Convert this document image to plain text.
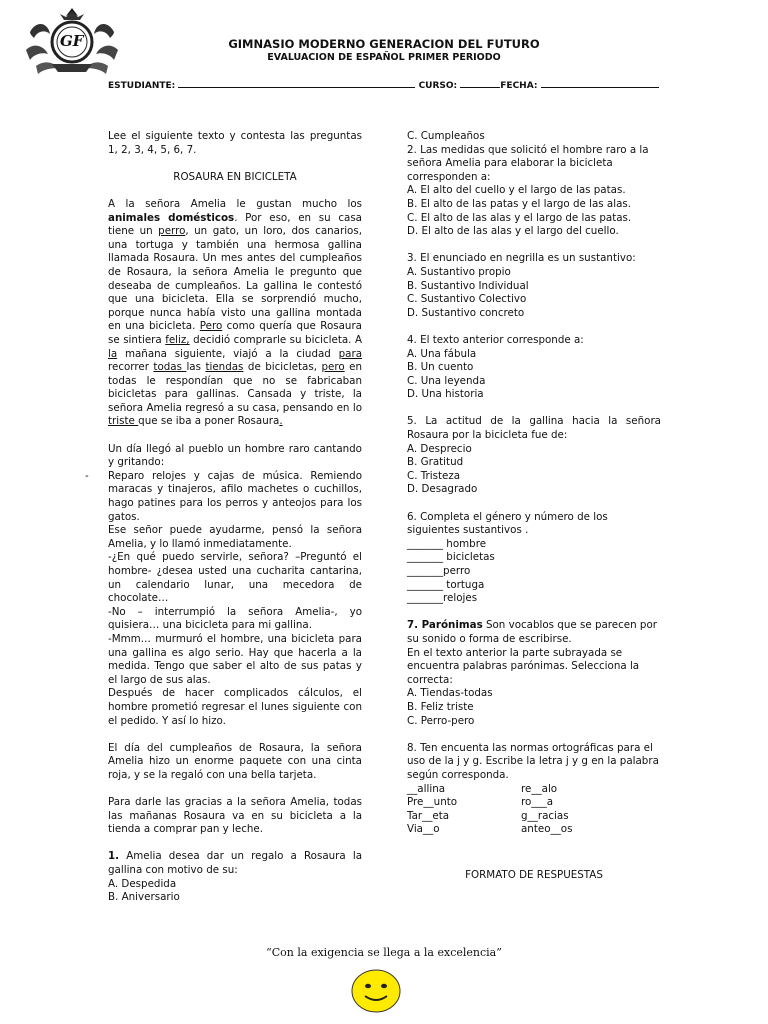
GF	GIMNASIO MODERNO GENERACION DEL FUTURO
EVALUACION DE ESPAÑOL PRIMER PERIODO
ESTUDIANTE:	CURSO:	FECHA:

Lee el siguiente texto y contesta las preguntas 1, 2, 3, 4, 5, 6, 7.

ROSAURA EN BICICLETA

A la señora Amelia le gustan mucho los animales domésticos. Por eso, en su casa tiene un perro, un gato, un loro, dos canarios, una tortuga y también una hermosa gallina llamada Rosaura. Un mes antes del cumpleaños de Rosaura, la señora Amelia le pregunto que deseaba de cumpleaños. La gallina le contestó que una bicicleta. Ella se sorprendió mucho, porque nunca había visto una gallina montada en una bicicleta. Pero como quería que Rosaura se sintiera feliz, decidió comprarle su bicicleta. A la mañana siguiente, viajó a la ciudad para recorrer todas las tiendas de bicicletas, pero en todas le respondían que no se fabricaban bicicletas para gallinas. Cansada y triste, la señora Amelia regresó a su casa, pensando en lo triste que se iba a poner Rosaura.

Un día llegó al pueblo un hombre raro cantando y gritando:

- Reparo relojes y cajas de música. Remiendo maracas y tinajeros, afilo machetes o cuchillos, hago patines para los perros y anteojos para los gatos.

Ese señor puede ayudarme, pensó la señora Amelia, y lo llamó inmediatamente.

-¿En qué puedo servirle, señora? –Preguntó el hombre- ¿desea usted una cucharita cantarina, un calendario lunar, una mecedora de chocolate…

-No – interrumpió la señora Amelia-, yo quisiera… una bicicleta para mi gallina.

-Mmm… murmuró el hombre, una bicicleta para una gallina es algo serio. Hay que hacerla a la medida. Tengo que saber el alto de sus patas y el largo de sus alas.

Después de hacer complicados cálculos, el hombre prometió regresar el lunes siguiente con el pedido. Y así lo hizo.

El día del cumpleaños de Rosaura, la señora Amelia hizo un enorme paquete con una cinta roja, y se la regaló con una bella tarjeta.

Para darle las gracias a la señora Amelia, todas las mañanas Rosaura va en su bicicleta a la tienda a comprar pan y leche.

1. Amelia desea dar un regalo a Rosaura la gallina con motivo de su:

A. Despedida

B. Aniversario

C. Cumpleaños

2. Las medidas que solicitó el hombre raro a la señora Amelia para elaborar la bicicleta corresponden a:

A. El alto del cuello y el largo de las patas.

B. El alto de las patas y el largo de las alas.

C. El alto de las alas y el largo de las patas.

D. El alto de las alas y el largo del cuello.

3. El enunciado en negrilla es un sustantivo:

A. Sustantivo propio

B. Sustantivo Individual

C. Sustantivo Colectivo

D. Sustantivo concreto

4. El texto anterior corresponde a:

A. Una fábula

B. Un cuento

C. Una leyenda

D. Una historia

5. La actitud de la gallina hacia la señora Rosaura por la bicicleta fue de:

A. Desprecio

B. Gratitud

C. Tristeza

D. Desagrado

6. Completa el género y número de los siguientes sustantivos .

_______ hombre

_______ bicicletas

_______perro

_______ tortuga

_______relojes

7. Parónimas Son vocablos que se parecen por su sonido o forma de escribirse.

En el texto anterior la parte subrayada se encuentra palabras parónimas. Selecciona la correcta:

A. Tiendas-todas

B. Feliz triste

C. Perro-pero

8. Ten encuenta las normas ortográficas para el uso de la j y g. Escribe la letra j y g en la palabra según corresponda.

__allina	re__alo

Pre__unto	ro___a

Tar__eta	g__racias

Via__o	anteo__os

FORMATO DE RESPUESTAS
“Con la exigencia se llega a la excelencia”
